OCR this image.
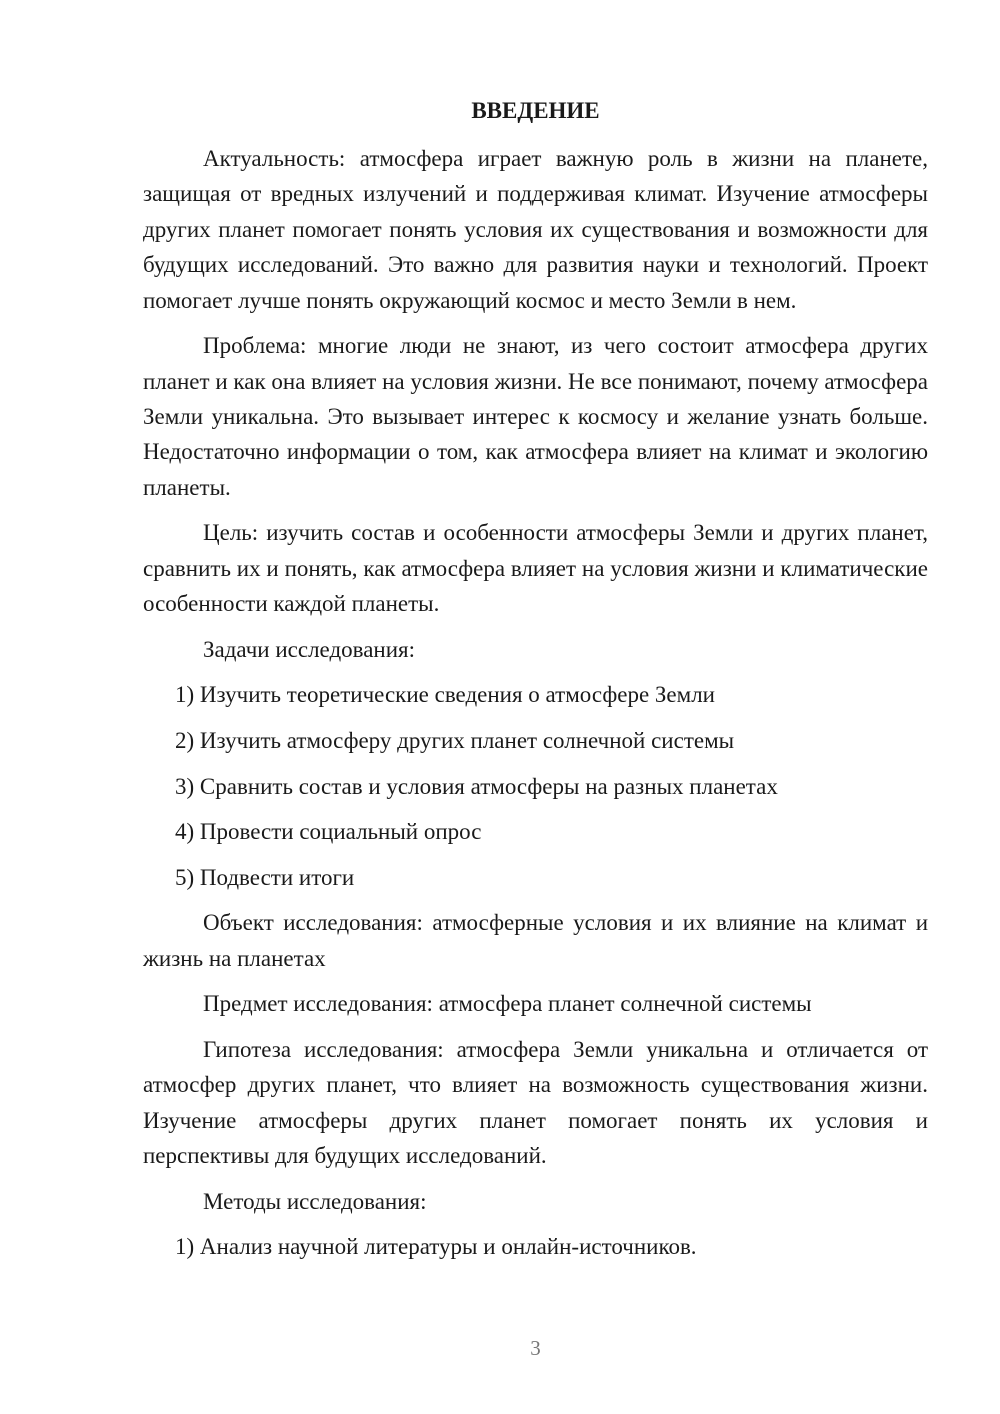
ВВЕДЕНИЕ

Актуальность: атмосфера играет важную роль в жизни на планете, защищая от вредных излучений и поддерживая климат. Изучение атмосферы других планет помогает понять условия их существования и возможности для будущих исследований. Это важно для развития науки и технологий. Проект помогает лучше понять окружающий космос и место Земли в нем.

Проблема: многие люди не знают, из чего состоит атмосфера других планет и как она влияет на условия жизни. Не все понимают, почему атмосфера Земли уникальна. Это вызывает интерес к космосу и желание узнать больше. Недостаточно информации о том, как атмосфера влияет на климат и экологию планеты.

Цель: изучить состав и особенности атмосферы Земли и других планет, сравнить их и понять, как атмосфера влияет на условия жизни и климатические особенности каждой планеты.

Задачи исследования:

1) Изучить теоретические сведения о атмосфере Земли

2) Изучить атмосферу других планет солнечной системы

3) Сравнить состав и условия атмосферы на разных планетах

4) Провести социальный опрос

5) Подвести итоги

Объект исследования: атмосферные условия и их влияние на климат и жизнь на планетах

Предмет исследования: атмосфера планет солнечной системы

Гипотеза исследования: атмосфера Земли уникальна и отличается от атмосфер других планет, что влияет на возможность существования жизни. Изучение атмосферы других планет помогает понять их условия и перспективы для будущих исследований.

Методы исследования:

1) Анализ научной литературы и онлайн-источников.

3
